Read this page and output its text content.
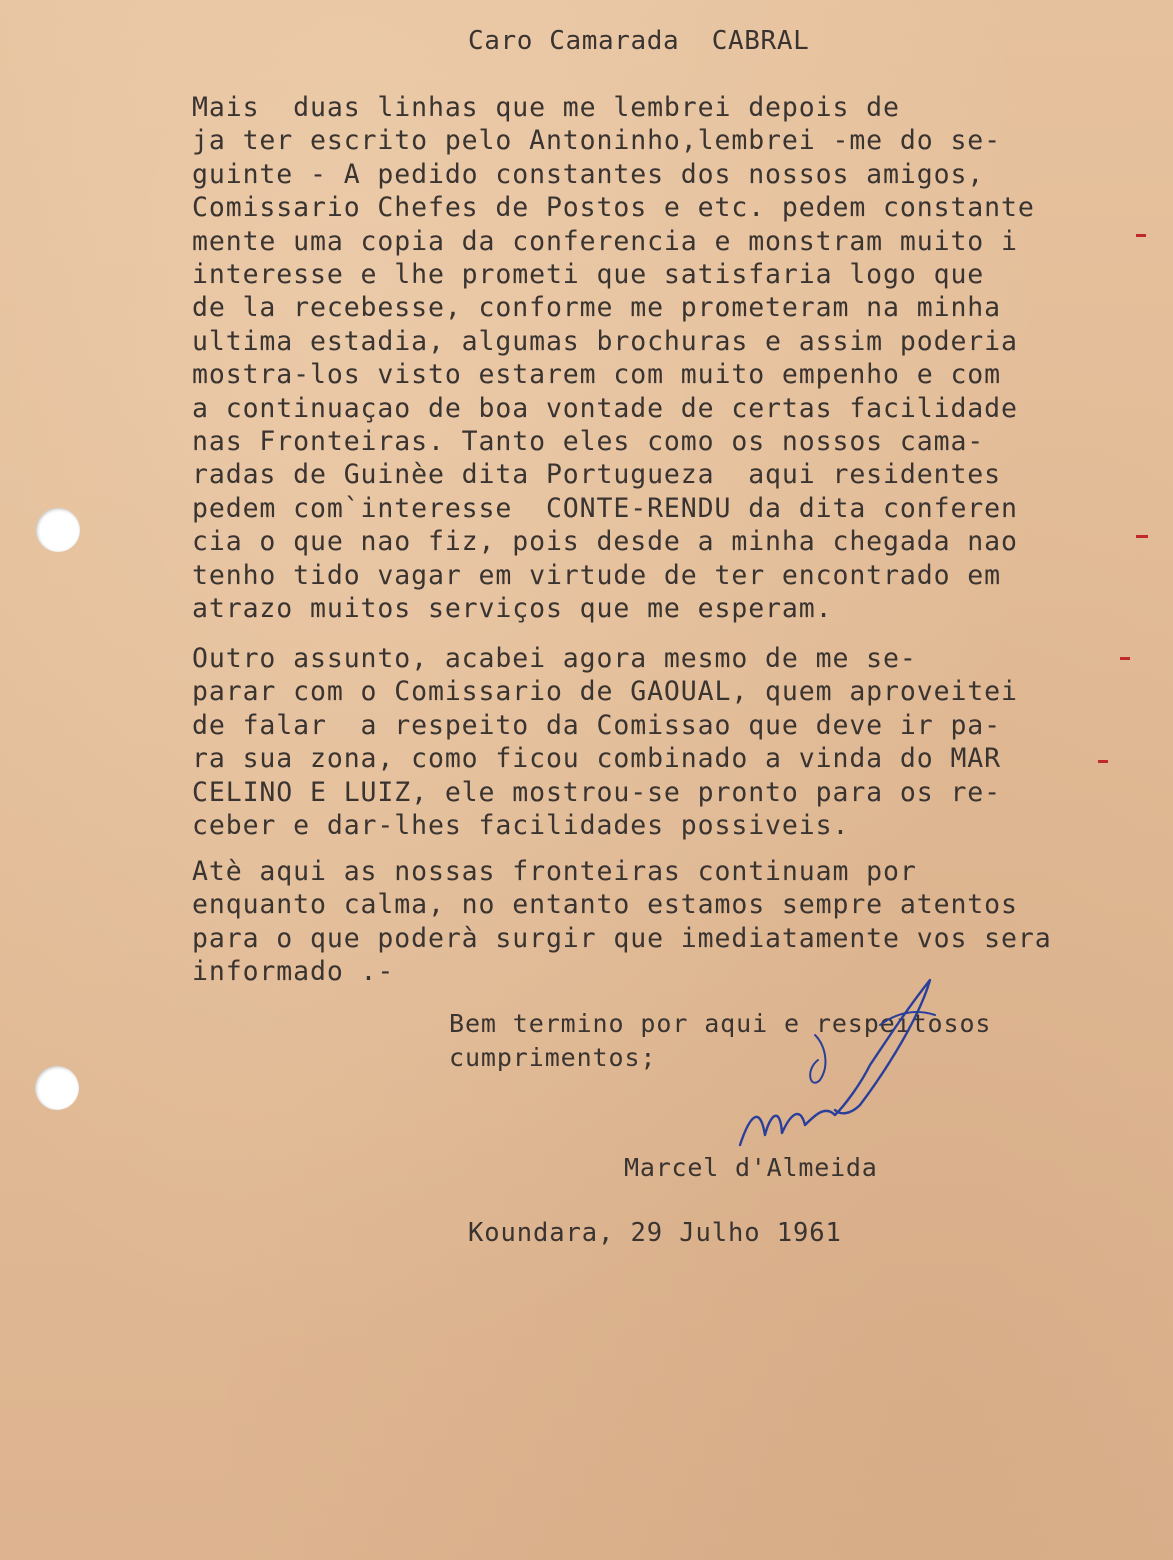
Caro Camarada  CABRAL
Mais  duas linhas que me lembrei depois de
ja ter escrito pelo Antoninho,lembrei -me do se-
guinte - A pedido constantes dos nossos amigos,
Comissario Chefes de Postos e etc. pedem constante
mente uma copia da conferencia e monstram muito i
interesse e lhe prometi que satisfaria logo que
de la recebesse, conforme me prometeram na minha
ultima estadia, algumas brochuras e assim poderia
mostra-los visto estarem com muito empenho e com
a continuaçao de boa vontade de certas facilidade
nas Fronteiras. Tanto eles como os nossos cama-
radas de Guinèe dita Portugueza  aqui residentes
pedem com`interesse  CONTE-RENDU da dita conferen
cia o que nao fiz, pois desde a minha chegada nao
tenho tido vagar em virtude de ter encontrado em
atrazo muitos serviços que me esperam.
Outro assunto, acabei agora mesmo de me se-
parar com o Comissario de GAOUAL, quem aproveitei
de falar  a respeito da Comissao que deve ir pa-
ra sua zona, como ficou combinado a vinda do MAR
CELINO E LUIZ, ele mostrou-se pronto para os re-
ceber e dar-lhes facilidades possiveis.
Atè aqui as nossas fronteiras continuam por
enquanto calma, no entanto estamos sempre atentos
para o que poderà surgir que imediatamente vos sera
informado .-
Bem termino por aqui e respeitosos
cumprimentos;
Marcel d'Almeida
Koundara, 29 Julho 1961
